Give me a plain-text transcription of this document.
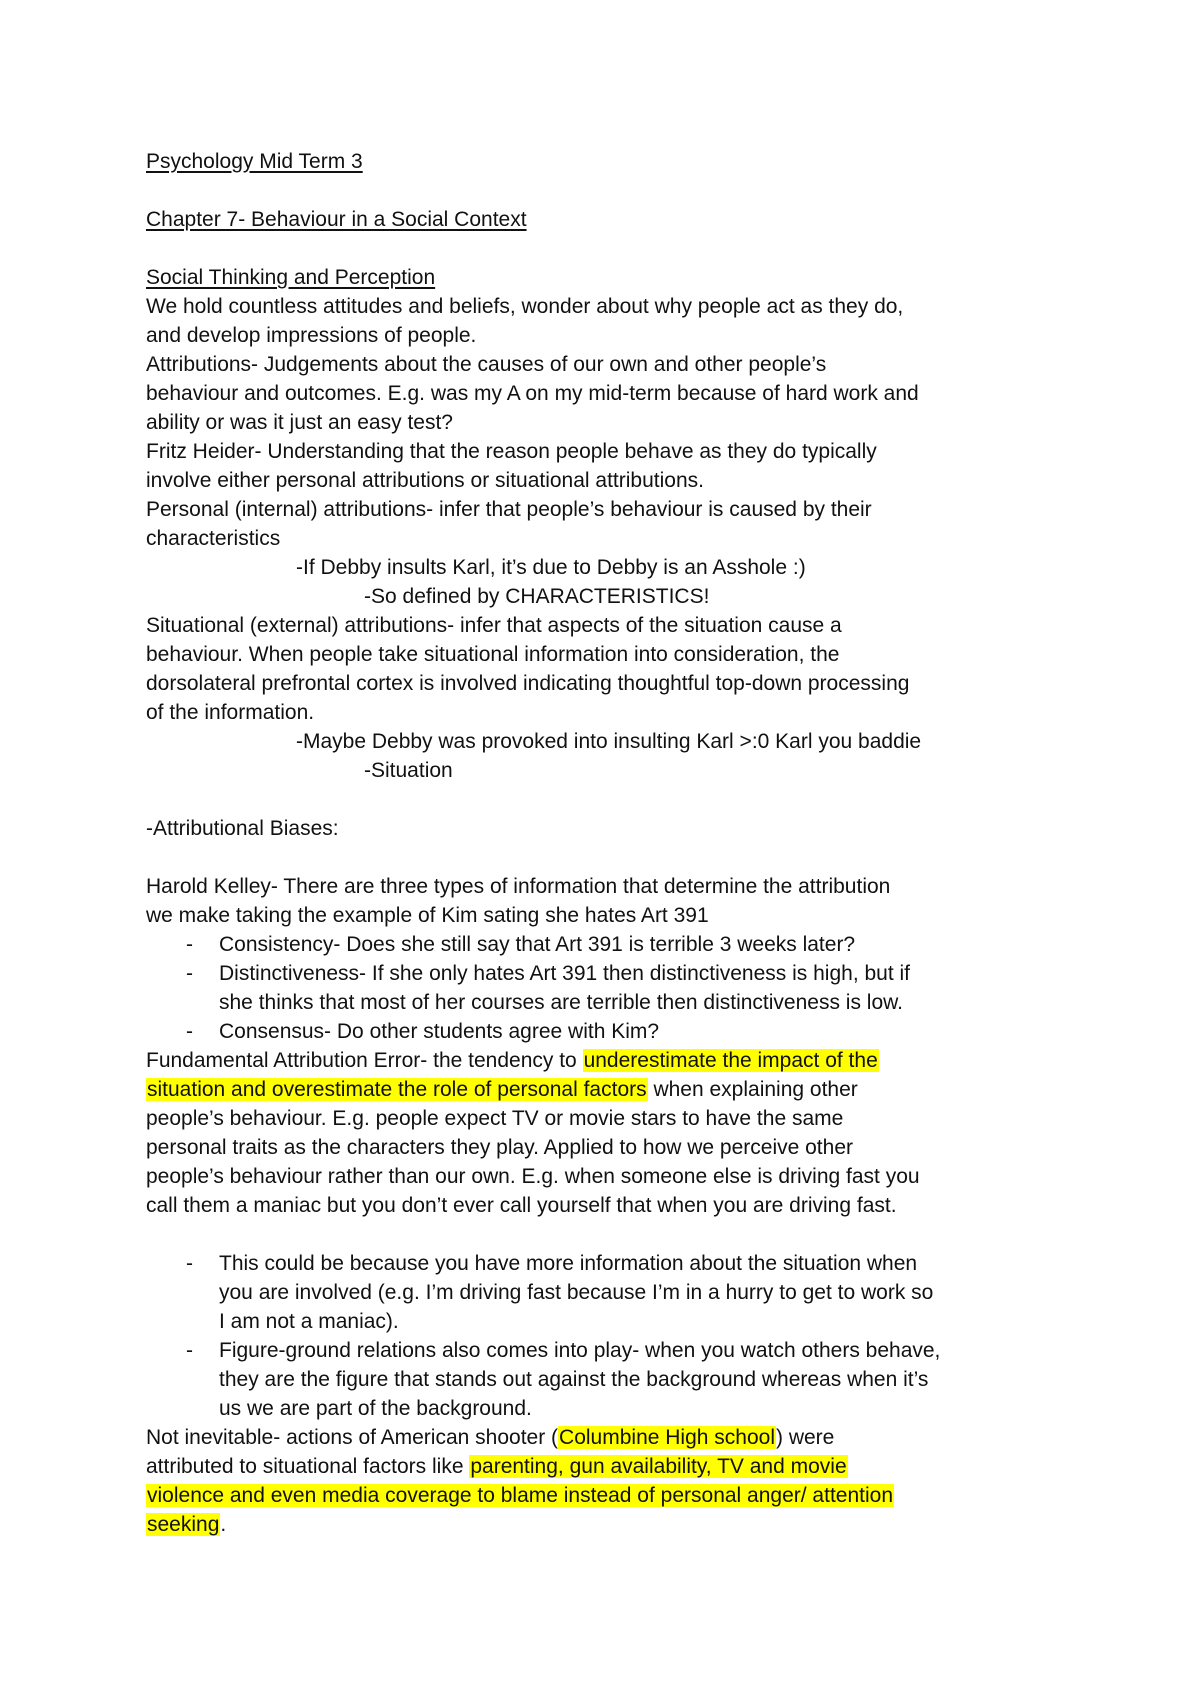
Psychology Mid Term 3
Chapter 7- Behaviour in a Social Context
Social Thinking and Perception
We hold countless attitudes and beliefs, wonder about why people act as they do,
and develop impressions of people.
Attributions- Judgements about the causes of our own and other people’s
behaviour and outcomes. E.g. was my A on my mid-term because of hard work and
ability or was it just an easy test?
Fritz Heider- Understanding that the reason people behave as they do typically
involve either personal attributions or situational attributions.
Personal (internal) attributions- infer that people’s behaviour is caused by their
characteristics
-If Debby insults Karl, it’s due to Debby is an Asshole :)
-So defined by CHARACTERISTICS!
Situational (external) attributions- infer that aspects of the situation cause a
behaviour. When people take situational information into consideration, the
dorsolateral prefrontal cortex is involved indicating thoughtful top-down processing
of the information.
-Maybe Debby was provoked into insulting Karl >:0 Karl you baddie
-Situation
-Attributional Biases:
Harold Kelley- There are three types of information that determine the attribution
we make taking the example of Kim sating she hates Art 391
- Consistency- Does she still say that Art 391 is terrible 3 weeks later?
- Distinctiveness- If she only hates Art 391 then distinctiveness is high, but if
she thinks that most of her courses are terrible then distinctiveness is low.
- Consensus- Do other students agree with Kim?
Fundamental Attribution Error- the tendency to underestimate the impact of the
situation and overestimate the role of personal factors when explaining other
people’s behaviour. E.g. people expect TV or movie stars to have the same
personal traits as the characters they play. Applied to how we perceive other
people’s behaviour rather than our own. E.g. when someone else is driving fast you
call them a maniac but you don’t ever call yourself that when you are driving fast.
- This could be because you have more information about the situation when
you are involved (e.g. I’m driving fast because I’m in a hurry to get to work so
I am not a maniac).
- Figure-ground relations also comes into play- when you watch others behave,
they are the figure that stands out against the background whereas when it’s
us we are part of the background.
Not inevitable- actions of American shooter (Columbine High school) were
attributed to situational factors like parenting, gun availability, TV and movie
violence and even media coverage to blame instead of personal anger/ attention
seeking.
